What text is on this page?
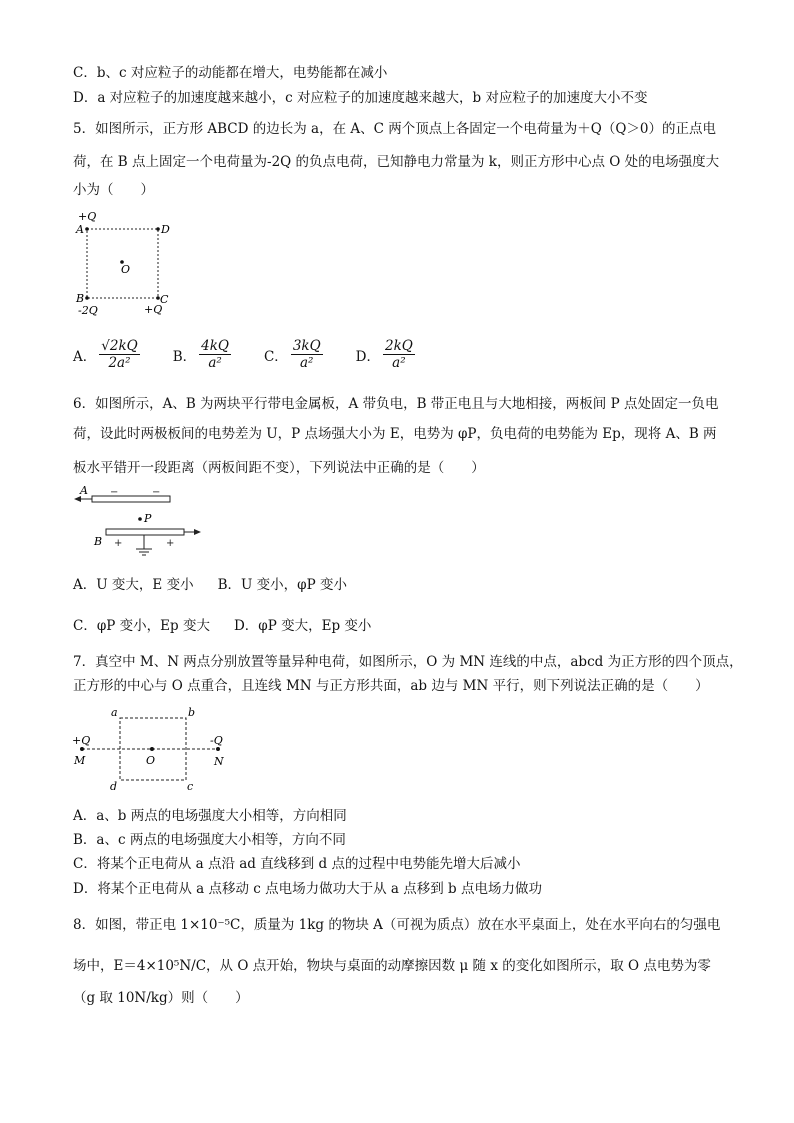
C．b、c 对应粒子的动能都在增大，电势能都在减小
D．a 对应粒子的加速度越来越小，c 对应粒子的加速度越来越大，b 对应粒子的加速度大小不变
5．如图所示，正方形 ABCD 的边长为 a，在 A、C 两个顶点上各固定一个电荷量为＋Q（Q＞0）的正点电
荷，在 B 点上固定一个电荷量为-2Q 的负点电荷，已知静电力常量为 k，则正方形中心点 O 处的电场强度大
小为（　　）
+Q
A	D
O
B	C
-2Q	+Q
A． $\frac{√2kQ}{\text{2a²}}$ B． $\frac{4kQ}{\text{a²}}$ C． $\frac{3kQ}{\text{a²}}$ D． $\frac{2kQ}{\text{a²}}$
6．如图所示，A、B 为两块平行带电金属板，A 带负电，B 带正电且与大地相接，两板间 P 点处固定一负电
荷，设此时两极板间的电势差为 U，P 点场强大小为 E，电势为 φP，负电荷的电势能为 Ep，现将 A、B 两
板水平错开一段距离（两板间距不变），下列说法中正确的是（　　）
A −	−
P
B +	+
A．U 变大，E 变小 B．U 变小，φP 变小
C．φP 变小，Ep 变大 D．φP 变大，Ep 变小
7．真空中 M、N 两点分别放置等量异种电荷，如图所示，O 为 MN 连线的中点，abcd 为正方形的四个顶点，
正方形的中心与 O 点重合，且连线 MN 与正方形共面，ab 边与 MN 平行，则下列说法正确的是（　　）
a	b
d	c
+Q
M
-Q
N
O
A．a、b 两点的电场强度大小相等，方向相同
B．a、c 两点的电场强度大小相等，方向不同
C．将某个正电荷从 a 点沿 ad 直线移到 d 点的过程中电势能先增大后减小
D．将某个正电荷从 a 点移动 c 点电场力做功大于从 a 点移到 b 点电场力做功
8．如图，带正电 1×10⁻⁵C，质量为 1kg 的物块 A（可视为质点）放在水平桌面上，处在水平向右的匀强电
场中，E＝4×10⁵N/C，从 O 点开始，物块与桌面的动摩擦因数 μ 随 x 的变化如图所示，取 O 点电势为零
（g 取 10N/kg）则（　　）
